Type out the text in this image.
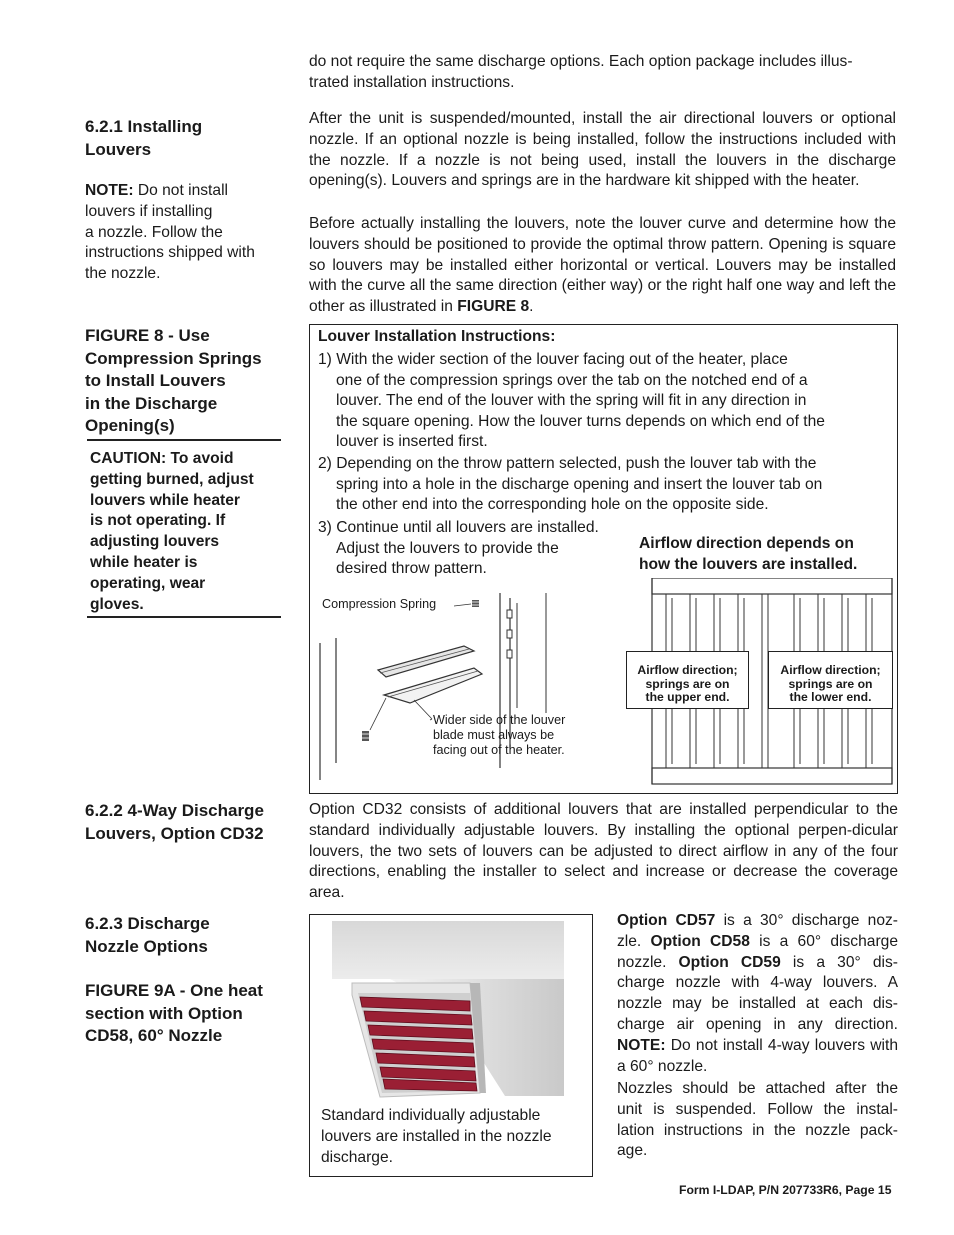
do not require the same discharge options. Each option package includes illus-
trated installation instructions.
6.2.1 Installing
Louvers
NOTE: Do not install
louvers if installing
a nozzle. Follow the
instructions shipped with
the nozzle.
After the unit is suspended/mounted, install the air directional louvers or optional nozzle. If an optional nozzle is being installed, follow the instructions included with the nozzle. If a nozzle is not being used, install the louvers in the discharge opening(s). Louvers and springs are in the hardware kit shipped with the heater.
Before actually installing the louvers, note the louver curve and determine how the louvers should be positioned to provide the optimal throw pattern. Opening is square so louvers may be installed either horizontal or vertical. Louvers may be installed with the curve all the same direction (either way) or the right half one way and left the other as illustrated in FIGURE 8.
FIGURE 8 - Use
Compression Springs
to Install Louvers
in the Discharge
Opening(s)
CAUTION: To avoid
getting burned, adjust
louvers while heater
is not operating. If
adjusting louvers
while heater is
operating, wear
gloves.
Louver Installation Instructions:
1) With the wider section of the louver facing out of the heater, place
one of the compression springs over the tab on the notched end of a
louver. The end of the louver with the spring will fit in any direction in
the square opening. How the louver turns depends on which end of the
louver is inserted first.
2) Depending on the throw pattern selected, push the louver tab with the
spring into a hole in the discharge opening and insert the louver tab on
the other end into the corresponding hole on the opposite side.
3) Continue until all louvers are installed.
Adjust the louvers to provide the
desired throw pattern.
Airflow direction depends on
how the louvers are installed.
Compression Spring
Wider side of the louver
blade must always be
facing out of the heater.
Airflow direction;
springs are on
the upper end.
Airflow direction;
springs are on
the lower end.
6.2.2 4-Way Discharge
Louvers, Option CD32
Option CD32 consists of additional louvers that are installed perpendicular to the standard individually adjustable louvers. By installing the optional perpen-dicular louvers, the two sets of louvers can be adjusted to direct airflow in any of the four directions, enabling the installer to select and increase or decrease the coverage area.
6.2.3 Discharge
Nozzle Options
FIGURE 9A - One heat
section with Option
CD58, 60° Nozzle
Standard individually adjustable
louvers are installed in the nozzle
discharge.
Option CD57 is a 30° discharge noz-zle. Option CD58 is a 60° discharge nozzle. Option CD59 is a 30° dis-charge nozzle with 4-way louvers. A nozzle may be installed at each dis-charge air opening in any direction. NOTE: Do not install 4-way louvers with a 60° nozzle.
Nozzles should be attached after the unit is suspended. Follow the instal-lation instructions in the nozzle pack-age.
Form I-LDAP, P/N 207733R6, Page 15
